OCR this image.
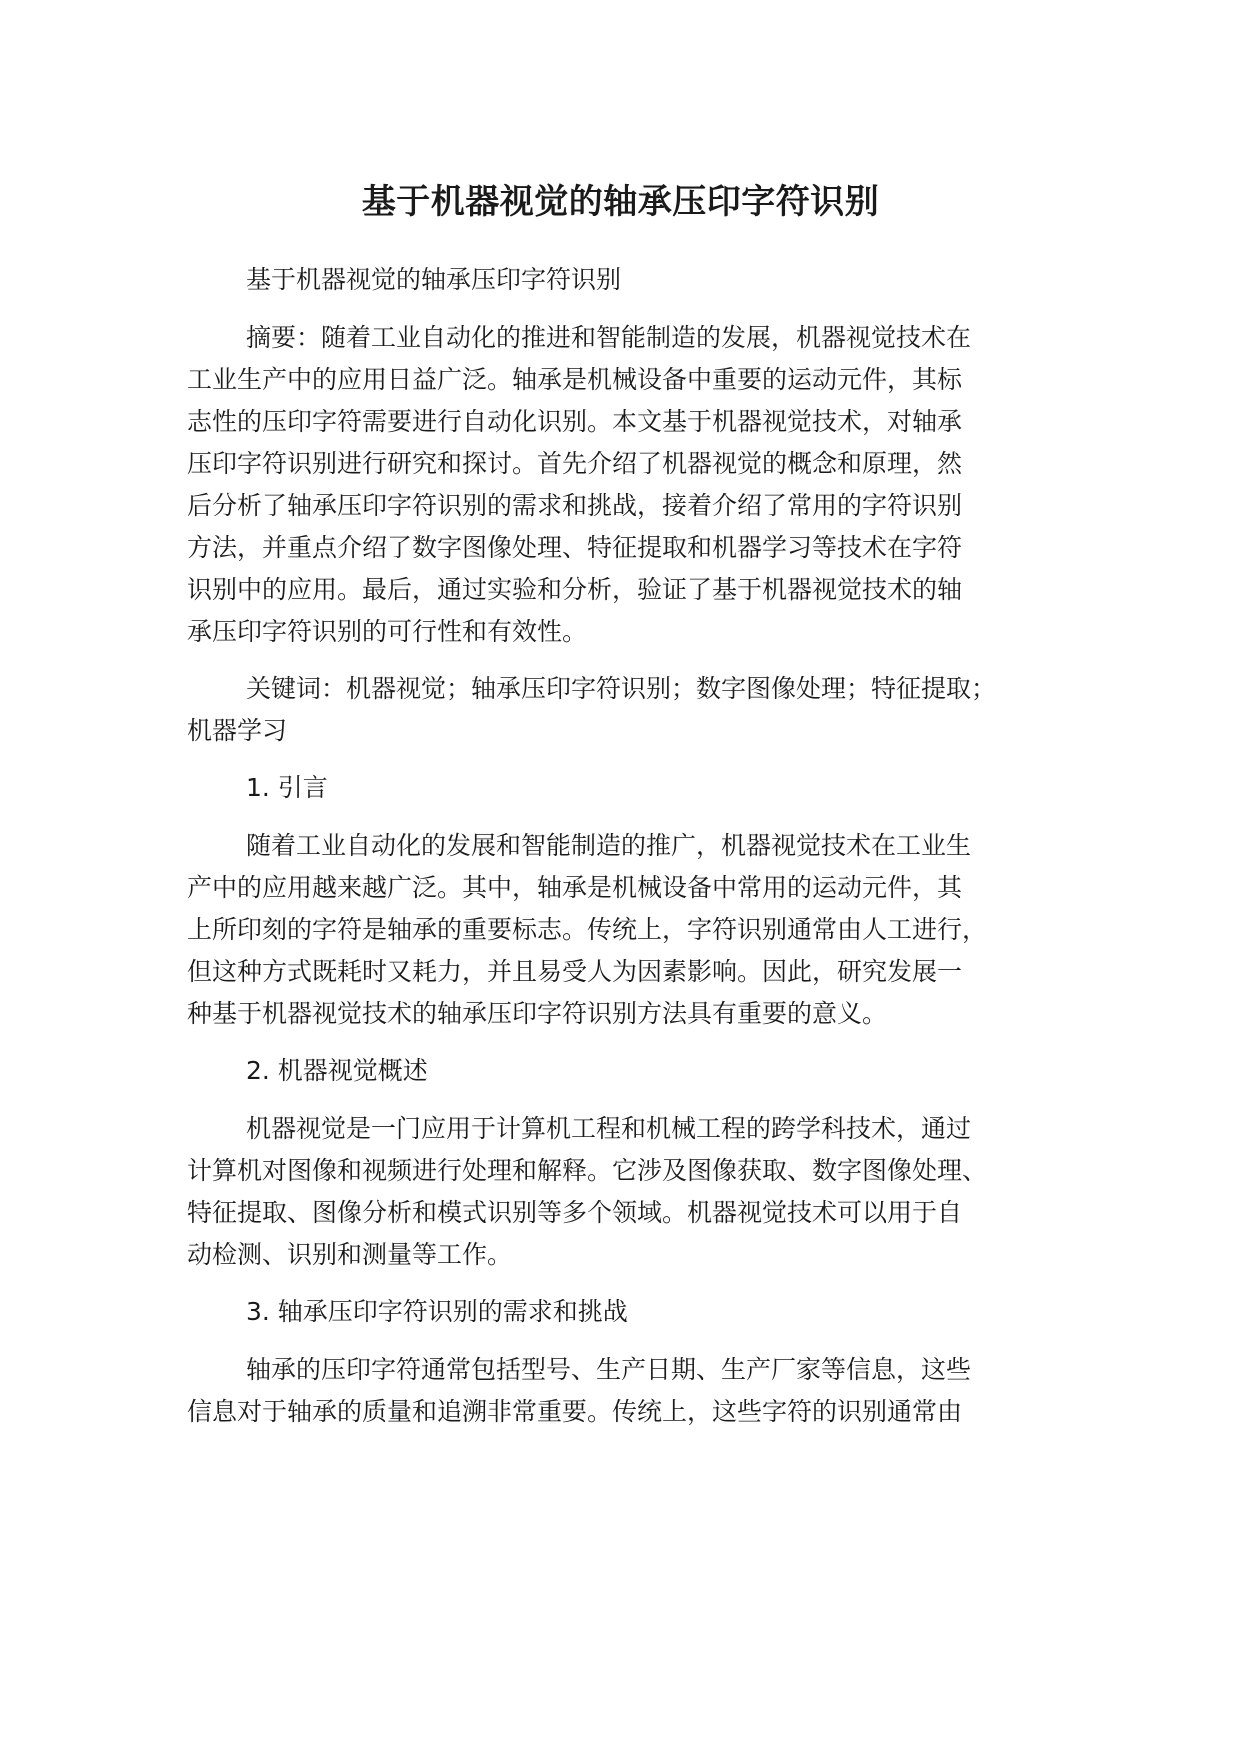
基于机器视觉的轴承压印字符识别
基于机器视觉的轴承压印字符识别
摘要：随着工业自动化的推进和智能制造的发展，机器视觉技术在
工业生产中的应用日益广泛。轴承是机械设备中重要的运动元件，其标
志性的压印字符需要进行自动化识别。本文基于机器视觉技术，对轴承
压印字符识别进行研究和探讨。首先介绍了机器视觉的概念和原理，然
后分析了轴承压印字符识别的需求和挑战，接着介绍了常用的字符识别
方法，并重点介绍了数字图像处理、特征提取和机器学习等技术在字符
识别中的应用。最后，通过实验和分析，验证了基于机器视觉技术的轴
承压印字符识别的可行性和有效性。
关键词：机器视觉；轴承压印字符识别；数字图像处理；特征提取；
机器学习
1. 引言
随着工业自动化的发展和智能制造的推广，机器视觉技术在工业生
产中的应用越来越广泛。其中，轴承是机械设备中常用的运动元件，其
上所印刻的字符是轴承的重要标志。传统上，字符识别通常由人工进行，
但这种方式既耗时又耗力，并且易受人为因素影响。因此，研究发展一
种基于机器视觉技术的轴承压印字符识别方法具有重要的意义。
2. 机器视觉概述
机器视觉是一门应用于计算机工程和机械工程的跨学科技术，通过
计算机对图像和视频进行处理和解释。它涉及图像获取、数字图像处理、
特征提取、图像分析和模式识别等多个领域。机器视觉技术可以用于自
动检测、识别和测量等工作。
3. 轴承压印字符识别的需求和挑战
轴承的压印字符通常包括型号、生产日期、生产厂家等信息，这些
信息对于轴承的质量和追溯非常重要。传统上，这些字符的识别通常由
